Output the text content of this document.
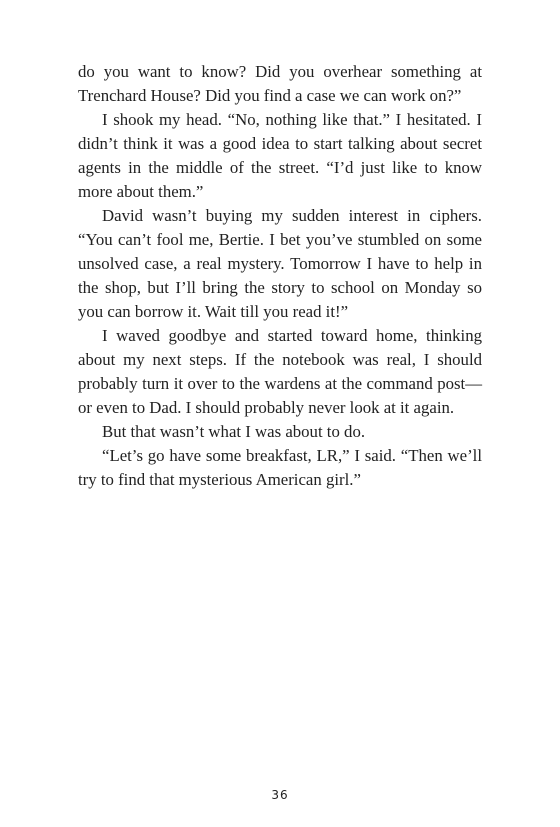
do you want to know? Did you overhear something at Trenchard House? Did you find a case we can work on?”

I shook my head. “No, nothing like that.” I hesitated. I didn’t think it was a good idea to start talking about secret agents in the middle of the street. “I’d just like to know more about them.”

David wasn’t buying my sudden interest in ciphers. “You can’t fool me, Bertie. I bet you’ve stumbled on some unsolved case, a real mystery. Tomorrow I have to help in the shop, but I’ll bring the story to school on Monday so you can borrow it. Wait till you read it!”

I waved goodbye and started toward home, thinking about my next steps. If the notebook was real, I should probably turn it over to the wardens at the command post—or even to Dad. I should probably never look at it again.

But that wasn’t what I was about to do.

“Let’s go have some breakfast, LR,” I said. “Then we’ll try to find that mysterious American girl.”

36
